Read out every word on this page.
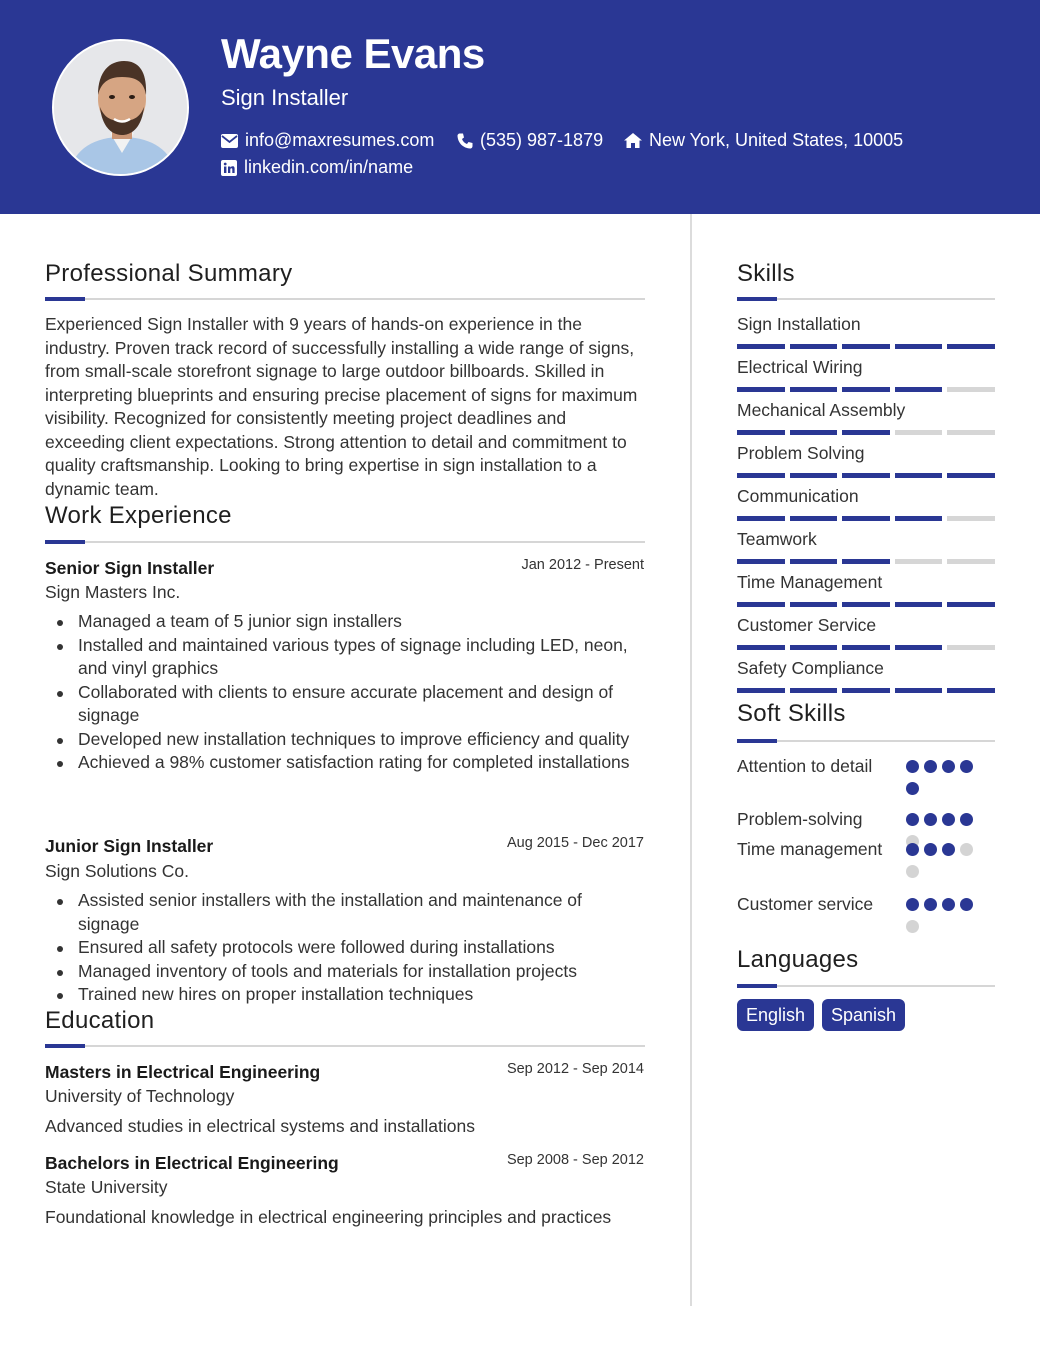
Wayne Evans
Sign Installer
info@maxresumes.com	(535) 987-1879	New York, United States, 10005
linkedin.com/in/name
Professional Summary
Experienced Sign Installer with 9 years of hands-on experience in the industry. Proven track record of successfully installing a wide range of signs, from small-scale storefront signage to large outdoor billboards. Skilled in interpreting blueprints and ensuring precise placement of signs for maximum visibility. Recognized for consistently meeting project deadlines and exceeding client expectations. Strong attention to detail and commitment to quality craftsmanship. Looking to bring expertise in sign installation to a dynamic team.
Work Experience
Senior Sign Installer	Jan 2012 - Present
Sign Masters Inc.
Managed a team of 5 junior sign installers
Installed and maintained various types of signage including LED, neon, and vinyl graphics
Collaborated with clients to ensure accurate placement and design of signage
Developed new installation techniques to improve efficiency and quality
Achieved a 98% customer satisfaction rating for completed installations
Junior Sign Installer	Aug 2015 - Dec 2017
Sign Solutions Co.
Assisted senior installers with the installation and maintenance of signage
Ensured all safety protocols were followed during installations
Managed inventory of tools and materials for installation projects
Trained new hires on proper installation techniques
Education
Masters in Electrical Engineering	Sep 2012 - Sep 2014
University of Technology
Advanced studies in electrical systems and installations
Bachelors in Electrical Engineering	Sep 2008 - Sep 2012
State University
Foundational knowledge in electrical engineering principles and practices
Skills
Sign Installation
Electrical Wiring
Mechanical Assembly
Problem Solving
Communication
Teamwork
Time Management
Customer Service
Safety Compliance
Soft Skills
Attention to detail
Problem-solving
Time management
Customer service
Languages
English	Spanish
